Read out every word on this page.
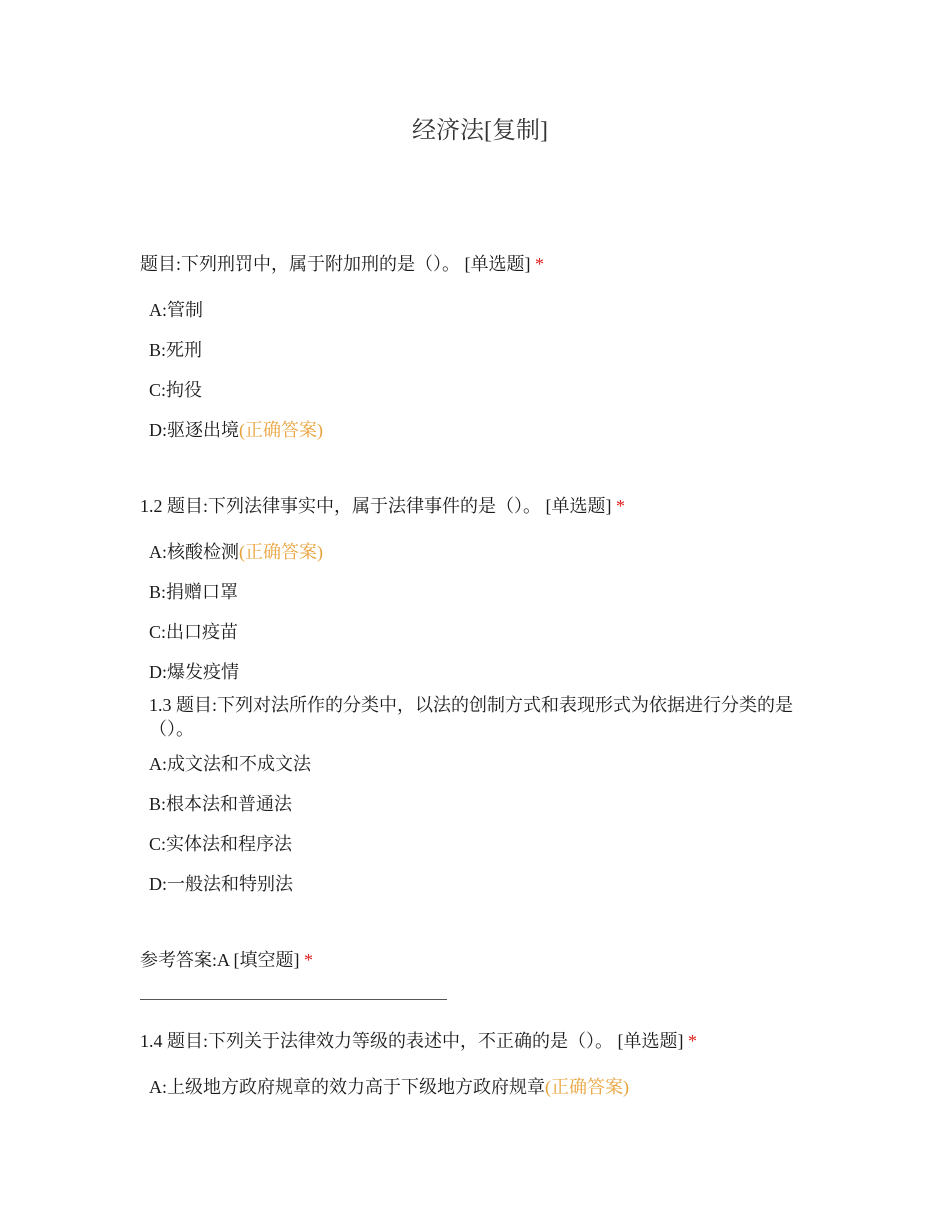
经济法[复制]
题目:下列刑罚中，属于附加刑的是（）。 [单选题] *
A:管制
B:死刑
C:拘役
D:驱逐出境(正确答案)
1.2 题目:下列法律事实中，属于法律事件的是（）。 [单选题] *
A:核酸检测(正确答案)
B:捐赠口罩
C:出口疫苗
D:爆发疫情
1.3 题目:下列对法所作的分类中，以法的创制方式和表现形式为依据进行分类的是（）。
A:成文法和不成文法
B:根本法和普通法
C:实体法和程序法
D:一般法和特别法
参考答案:A [填空题] *
1.4 题目:下列关于法律效力等级的表述中，不正确的是（）。 [单选题] *
A:上级地方政府规章的效力高于下级地方政府规章(正确答案)
